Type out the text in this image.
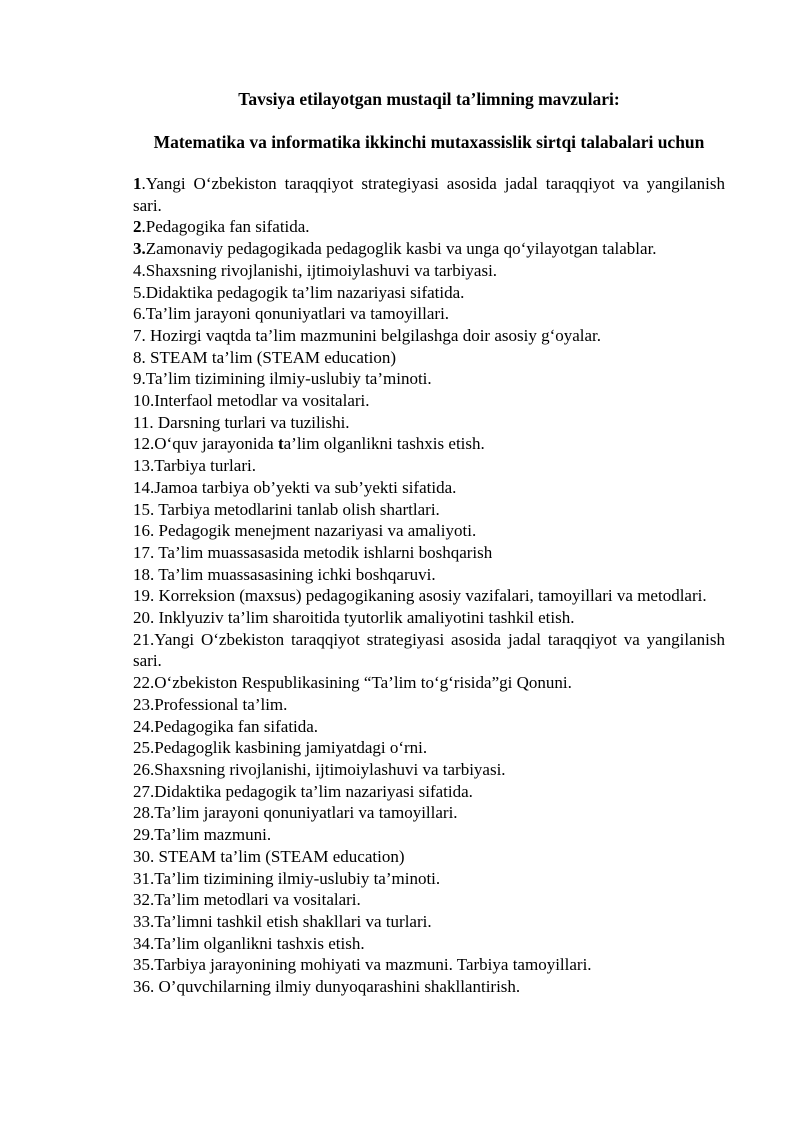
Tavsiya etilayotgan mustaqil ta’limning mavzulari:
Matematika va informatika ikkinchi mutaxassislik sirtqi talabalari uchun
1.Yangi O‘zbekiston taraqqiyot strategiyasi asosida jadal taraqqiyot va yangilanish sari.
2.Pedagogika fan sifatida.
3.Zamonaviy pedagogikada pedagoglik kasbi va unga qo‘yilayotgan talablar.
4.Shaxsning rivojlanishi, ijtimoiylashuvi va tarbiyasi.
5.Didaktika pedagogik ta’lim nazariyasi sifatida.
6.Ta’lim jarayoni qonuniyatlari va tamoyillari.
7. Hozirgi vaqtda ta’lim mazmunini belgilashga doir asosiy g‘oyalar.
8. STEAM ta’lim (STEAM education)
9.Ta’lim tizimining ilmiy-uslubiy ta’minoti.
10.Interfaol metodlar va vositalari.
11. Darsning turlari va tuzilishi.
12.O‘quv jarayonida ta’lim olganlikni tashxis etish.
13.Tarbiya turlari.
14.Jamoa tarbiya ob’yekti va sub’yekti sifatida.
15. Tarbiya metodlarini tanlab olish shartlari.
16. Pedagogik menejment nazariyasi va amaliyoti.
17. Ta’lim muassasasida metodik ishlarni boshqarish
18. Ta’lim muassasasining ichki boshqaruvi.
19. Korreksion (maxsus) pedagogikaning asosiy vazifalari, tamoyillari va metodlari.
20. Inklyuziv ta’lim sharoitida tyutorlik amaliyotini tashkil etish.
21.Yangi O‘zbekiston taraqqiyot strategiyasi asosida jadal taraqqiyot va yangilanish sari.
22.O‘zbekiston Respublikasining “Ta’lim to‘g‘risida”gi Qonuni.
23.Professional ta’lim.
24.Pedagogika fan sifatida.
25.Pedagoglik kasbining jamiyatdagi o‘rni.
26.Shaxsning rivojlanishi, ijtimoiylashuvi va tarbiyasi.
27.Didaktika pedagogik ta’lim nazariyasi sifatida.
28.Ta’lim jarayoni qonuniyatlari va tamoyillari.
29.Ta’lim mazmuni.
30. STEAM ta’lim (STEAM education)
31.Ta’lim tizimining ilmiy-uslubiy ta’minoti.
32.Ta’lim metodlari va vositalari.
33.Ta’limni tashkil etish shakllari va turlari.
34.Ta’lim olganlikni tashxis etish.
35.Tarbiya jarayonining mohiyati va mazmuni. Tarbiya tamoyillari.
36. O’quvchilarning ilmiy dunyoqarashini shakllantirish.
